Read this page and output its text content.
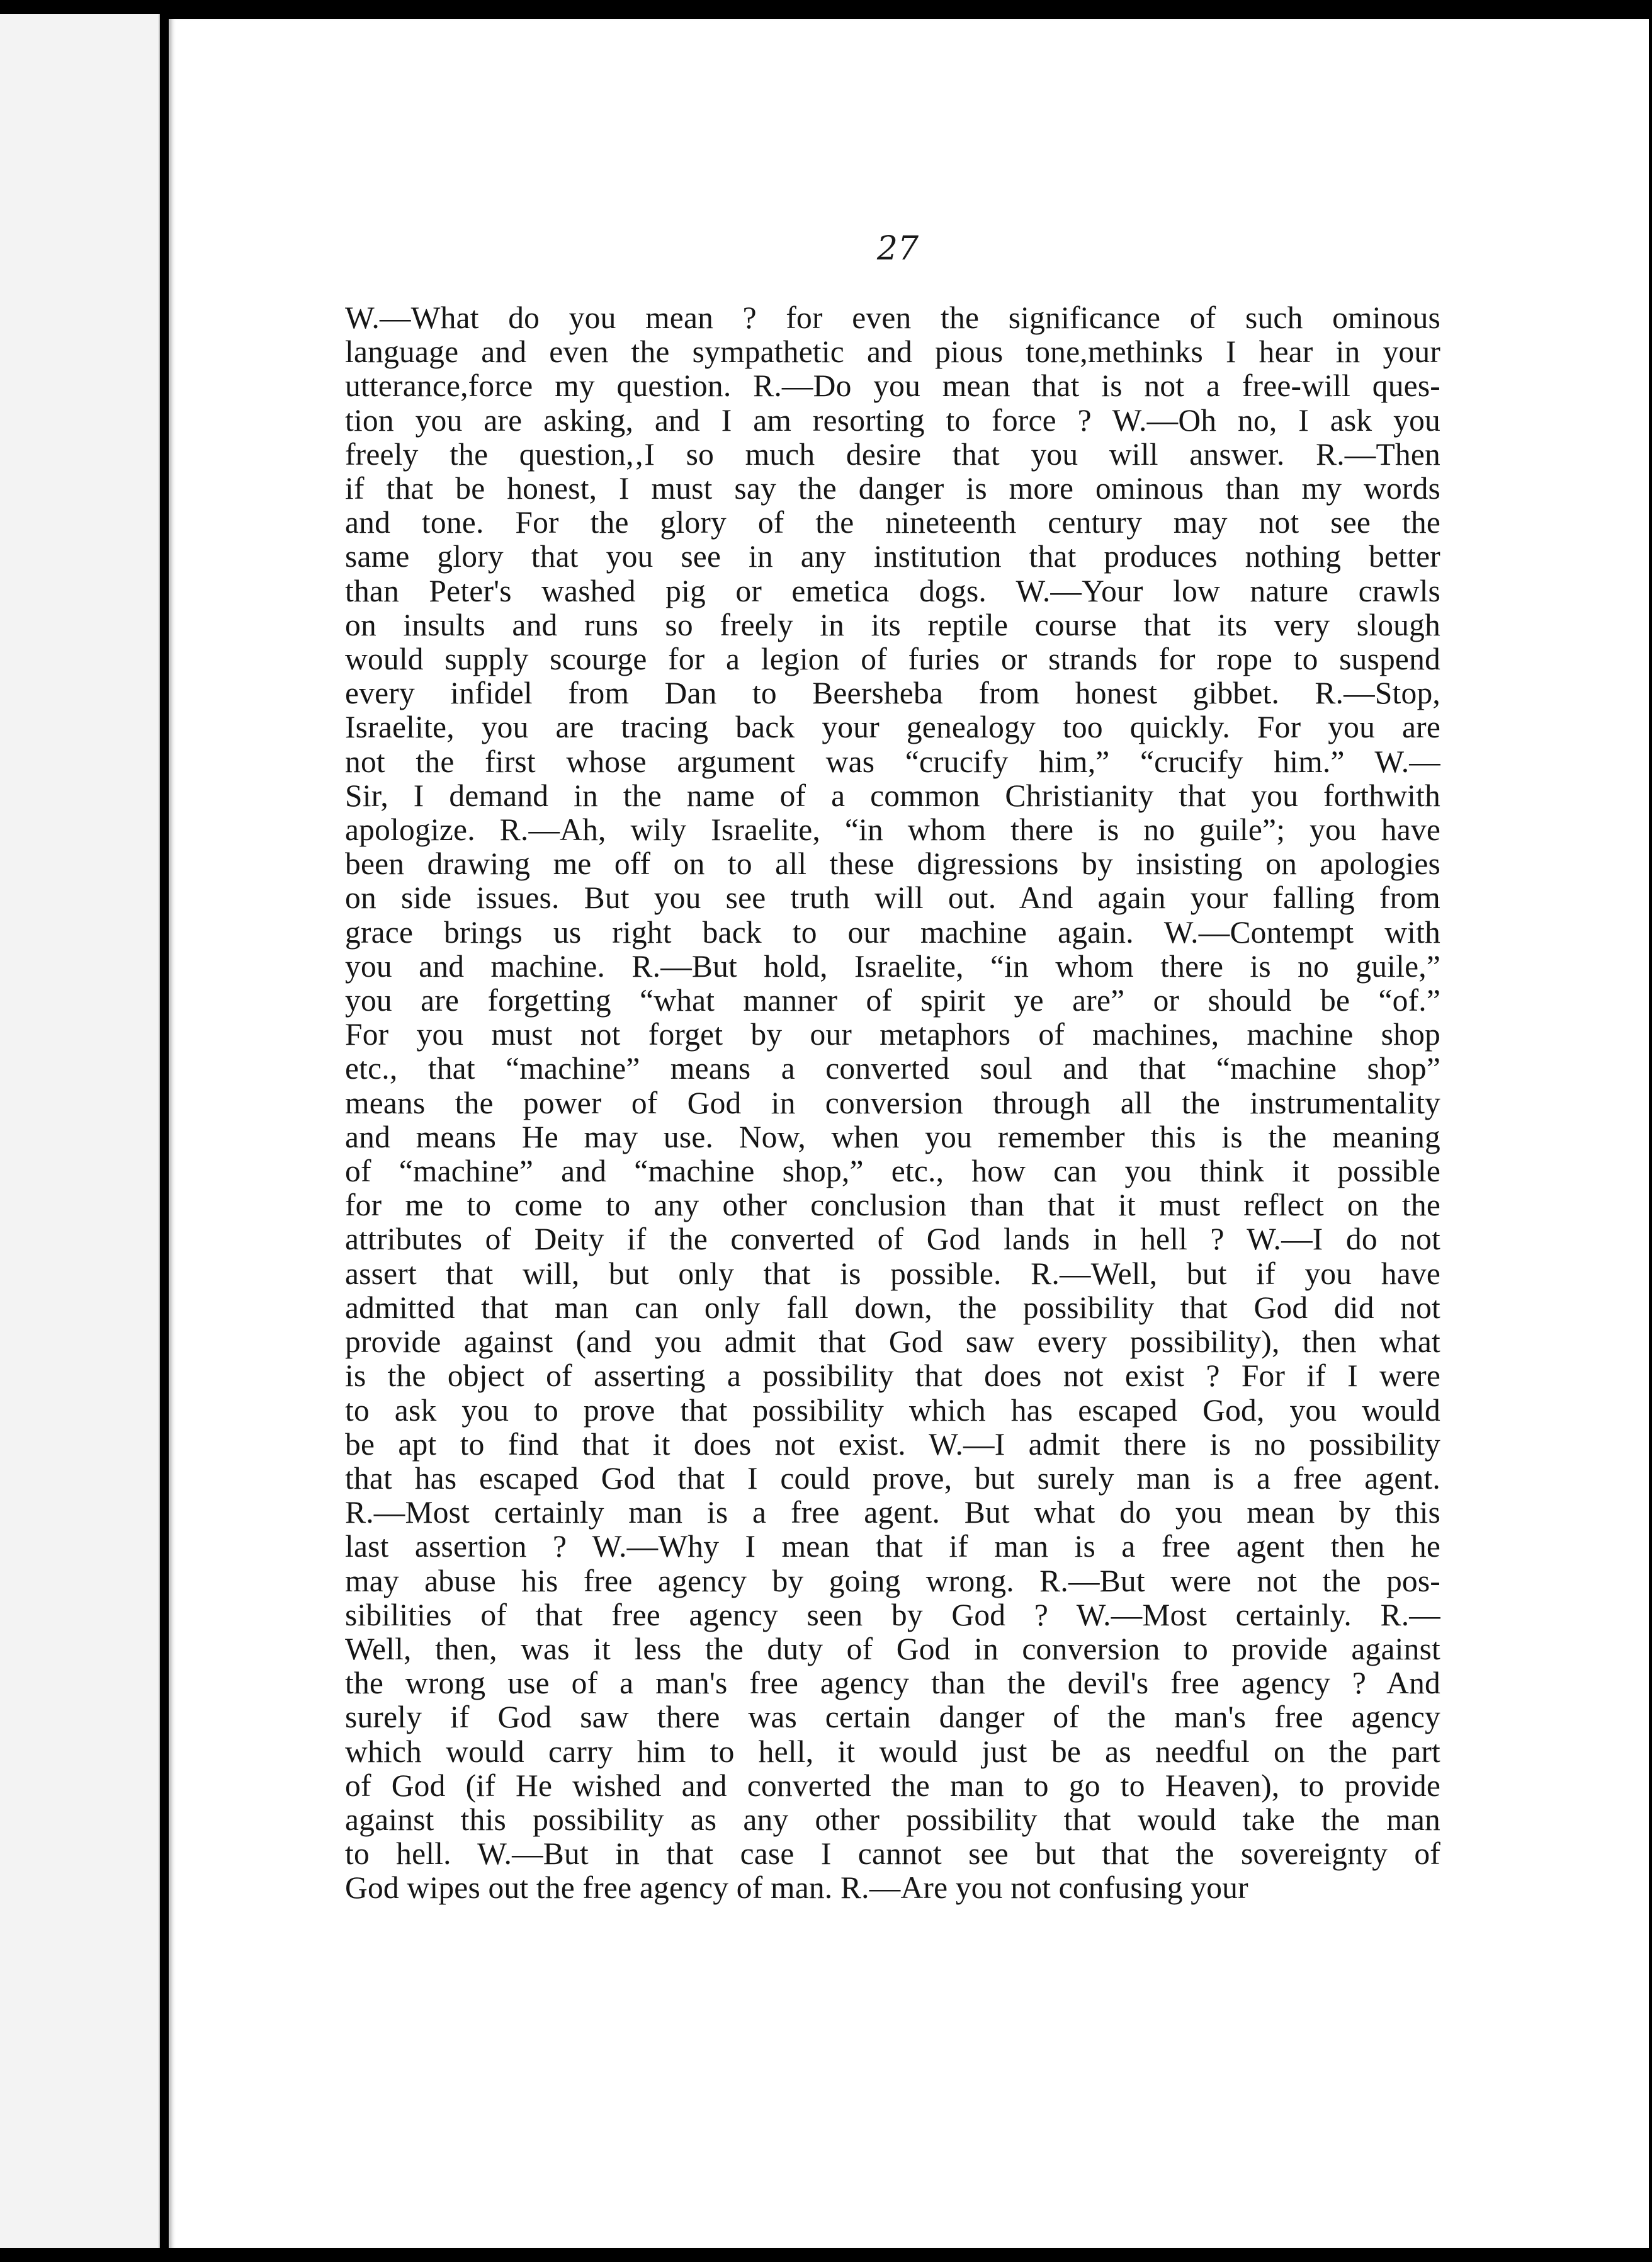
27
W.—What do you mean ? for even the significance of such ominous
language and even the sympathetic and pious tone,methinks I hear in your
utterance,force my question. R.—Do you mean that is not a free-will ques-
tion you are asking, and I am resorting to force ? W.—Oh no, I ask you
freely the question,‚I so much desire that you will answer. R.—Then
if that be honest, I must say the danger is more ominous than my words
and tone. For the glory of the nineteenth century may not see the
same glory that you see in any institution that produces nothing better
than Peter's washed pig or emetica dogs. W.—Your low nature crawls
on insults and runs so freely in its reptile course that its very slough
would supply scourge for a legion of furies or strands for rope to suspend
every infidel from Dan to Beersheba from honest gibbet. R.—Stop,
Israelite, you are tracing back your genealogy too quickly. For you are
not the first whose argument was “crucify him,” “crucify him.” W.—
Sir, I demand in the name of a common Christianity that you forthwith
apologize. R.—Ah, wily Israelite, “in whom there is no guile”; you have
been drawing me off on to all these digressions by insisting on apologies
on side issues. But you see truth will out. And again your falling from
grace brings us right back to our machine again. W.—Contempt with
you and machine. R.—But hold, Israelite, “in whom there is no guile,”
you are forgetting “what manner of spirit ye are” or should be “of.”
For you must not forget by our metaphors of machines, machine shop
etc., that “machine” means a converted soul and that “machine shop”
means the power of God in conversion through all the instrumentality
and means He may use. Now, when you remember this is the meaning
of “machine” and “machine shop,” etc., how can you think it possible
for me to come to any other conclusion than that it must reflect on the
attributes of Deity if the converted of God lands in hell ? W.—I do not
assert that will, but only that is possible. R.—Well, but if you have
admitted that man can only fall down, the possibility that God did not
provide against (and you admit that God saw every possibility), then what
is the object of asserting a possibility that does not exist ? For if I were
to ask you to prove that possibility which has escaped God, you would
be apt to find that it does not exist. W.—I admit there is no possibility
that has escaped God that I could prove, but surely man is a free agent.
R.—Most certainly man is a free agent. But what do you mean by this
last assertion ? W.—Why I mean that if man is a free agent then he
may abuse his free agency by going wrong. R.—But were not the pos-
sibilities of that free agency seen by God ? W.—Most certainly. R.—
Well, then, was it less the duty of God in conversion to provide against
the wrong use of a man's free agency than the devil's free agency ? And
surely if God saw there was certain danger of the man's free agency
which would carry him to hell, it would just be as needful on the part
of God (if He wished and converted the man to go to Heaven), to provide
against this possibility as any other possibility that would take the man
to hell. W.—But in that case I cannot see but that the sovereignty of
God wipes out the free agency of man. R.—Are you not confusing your
